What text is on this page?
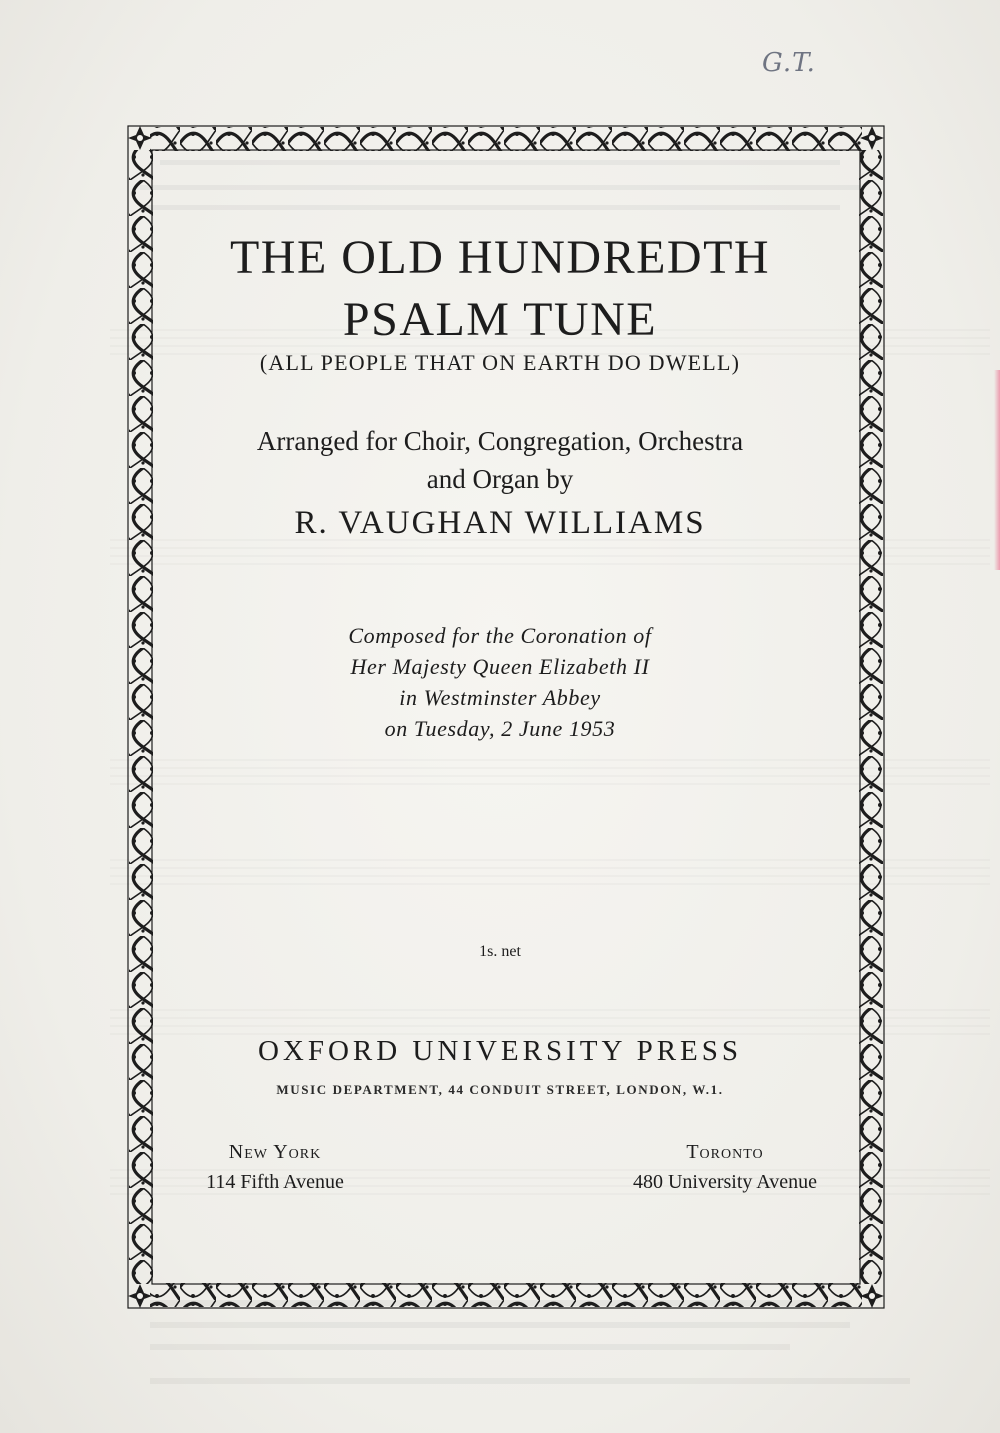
G.T.
THE OLD HUNDREDTH
PSALM TUNE
(ALL PEOPLE THAT ON EARTH DO DWELL)
Arranged for Choir, Congregation, Orchestra
and Organ by
R. VAUGHAN WILLIAMS
Composed for the Coronation of
Her Majesty Queen Elizabeth II
in Westminster Abbey
on Tuesday, 2 June 1953
1s. net
OXFORD UNIVERSITY PRESS
MUSIC DEPARTMENT, 44 CONDUIT STREET, LONDON, W.1.
New York
114 Fifth Avenue
Toronto
480 University Avenue
